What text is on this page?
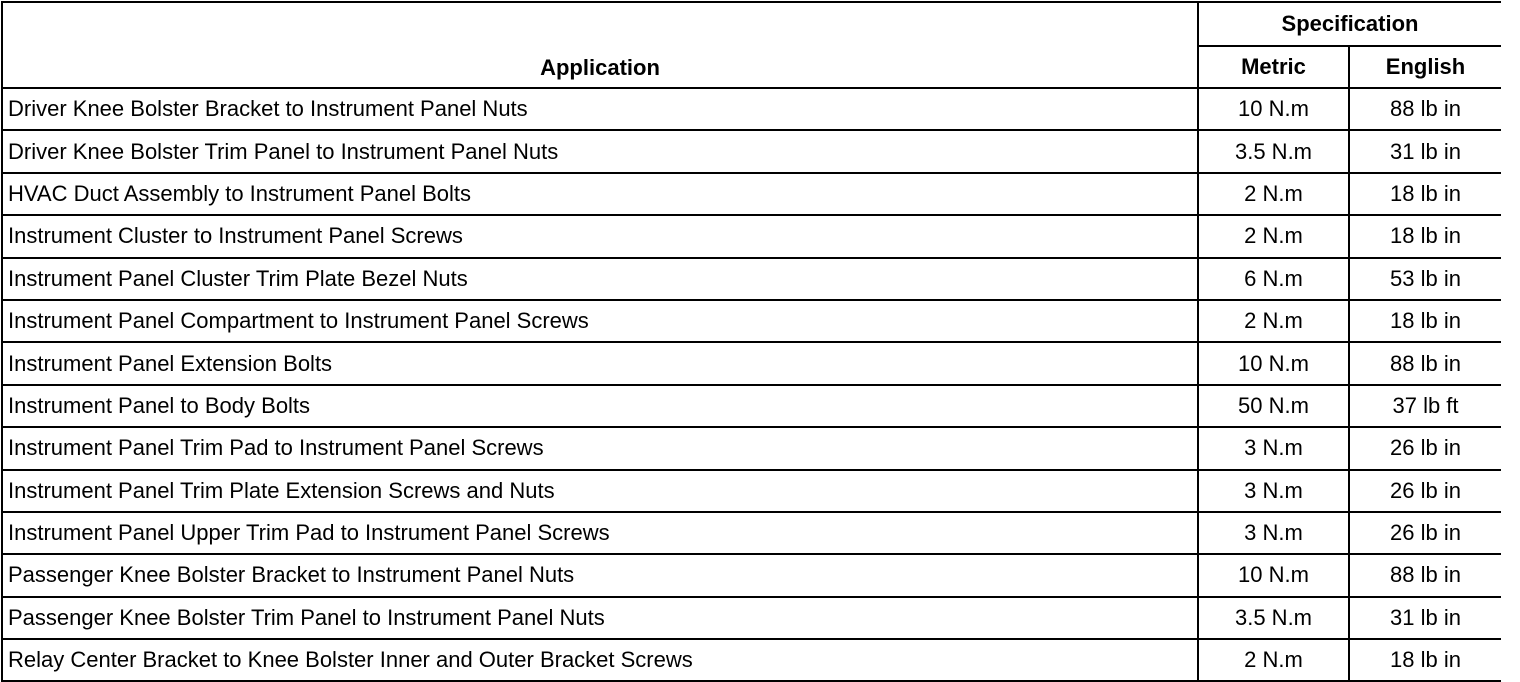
Application	Specification	
	Metric	English
Driver Knee Bolster Bracket to Instrument Panel Nuts	10 N.m	88 lb in
Driver Knee Bolster Trim Panel to Instrument Panel Nuts	3.5 N.m	31 lb in
HVAC Duct Assembly to Instrument Panel Bolts	2 N.m	18 lb in
Instrument Cluster to Instrument Panel Screws	2 N.m	18 lb in
Instrument Panel Cluster Trim Plate Bezel Nuts	6 N.m	53 lb in
Instrument Panel Compartment to Instrument Panel Screws	2 N.m	18 lb in
Instrument Panel Extension Bolts	10 N.m	88 lb in
Instrument Panel to Body Bolts	50 N.m	37 lb ft
Instrument Panel Trim Pad to Instrument Panel Screws	3 N.m	26 lb in
Instrument Panel Trim Plate Extension Screws and Nuts	3 N.m	26 lb in
Instrument Panel Upper Trim Pad to Instrument Panel Screws	3 N.m	26 lb in
Passenger Knee Bolster Bracket to Instrument Panel Nuts	10 N.m	88 lb in
Passenger Knee Bolster Trim Panel to Instrument Panel Nuts	3.5 N.m	31 lb in
Relay Center Bracket to Knee Bolster Inner and Outer Bracket Screws	2 N.m	18 lb in
